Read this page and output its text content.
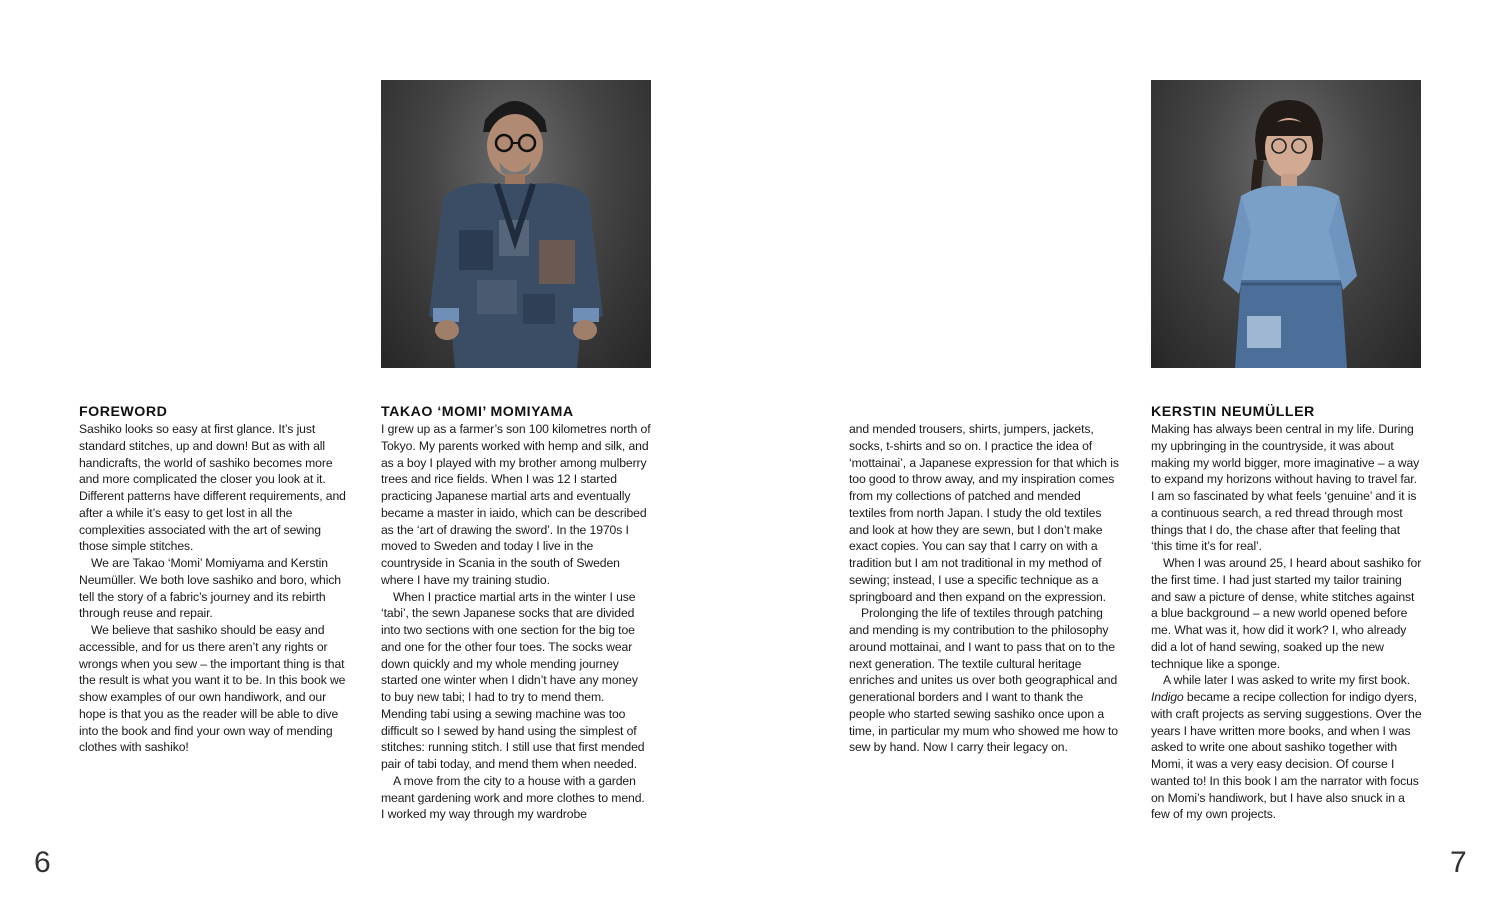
FOREWORD

Sashiko looks so easy at first glance. It’s just standard stitches, up and down! But as with all handicrafts, the world of sashiko becomes more and more complicated the closer you look at it. Different patterns have different requirements, and after a while it’s easy to get lost in all the complexities associated with the art of sewing those simple stitches.

We are Takao ‘Momi’ Momiyama and Kerstin Neumüller. We both love sashiko and boro, which tell the story of a fabric’s journey and its rebirth through reuse and repair.

We believe that sashiko should be easy and accessible, and for us there aren’t any rights or wrongs when you sew – the important thing is that the result is what you want it to be. In this book we show examples of our own handiwork, and our hope is that you as the reader will be able to dive into the book and find your own way of mending clothes with sashiko!

TAKAO ‘MOMI’ MOMIYAMA

I grew up as a farmer’s son 100 kilometres north of Tokyo. My parents worked with hemp and silk, and as a boy I played with my brother among mulberry trees and rice fields. When I was 12 I started practicing Japanese martial arts and eventually became a master in iaido, which can be described as the ‘art of drawing the sword’. In the 1970s I moved to Sweden and today I live in the countryside in Scania in the south of Sweden where I have my training studio.

When I practice martial arts in the winter I use ‘tabi’, the sewn Japanese socks that are divided into two sections with one section for the big toe and one for the other four toes. The socks wear down quickly and my whole mending journey started one winter when I didn’t have any money to buy new tabi; I had to try to mend them. Mending tabi using a sewing machine was too difficult so I sewed by hand using the simplest of stitches: running stitch. I still use that first mended pair of tabi today, and mend them when needed.

A move from the city to a house with a garden meant gardening work and more clothes to mend. I worked my way through my wardrobe

and mended trousers, shirts, jumpers, jackets, socks, t-shirts and so on. I practice the idea of ‘mottainai’, a Japanese expression for that which is too good to throw away, and my inspiration comes from my collections of patched and mended textiles from north Japan. I study the old textiles and look at how they are sewn, but I don’t make exact copies. You can say that I carry on with a tradition but I am not traditional in my method of sewing; instead, I use a specific technique as a springboard and then expand on the expression.

Prolonging the life of textiles through patching and mending is my contribution to the philosophy around mottainai, and I want to pass that on to the next generation. The textile cultural heritage enriches and unites us over both geographical and generational borders and I want to thank the people who started sewing sashiko once upon a time, in particular my mum who showed me how to sew by hand. Now I carry their legacy on.

KERSTIN NEUMÜLLER

Making has always been central in my life. During my upbringing in the countryside, it was about making my world bigger, more imaginative – a way to expand my horizons without having to travel far. I am so fascinated by what feels ‘genuine’ and it is a continuous search, a red thread through most things that I do, the chase after that feeling that ‘this time it’s for real’.

When I was around 25, I heard about sashiko for the first time. I had just started my tailor training and saw a picture of dense, white stitches against a blue background – a new world opened before me. What was it, how did it work? I, who already did a lot of hand sewing, soaked up the new technique like a sponge.

A while later I was asked to write my first book. Indigo became a recipe collection for indigo dyers, with craft projects as serving suggestions. Over the years I have written more books, and when I was asked to write one about sashiko together with Momi, it was a very easy decision. Of course I wanted to! In this book I am the narrator with focus on Momi’s handiwork, but I have also snuck in a few of my own projects.

6	7
